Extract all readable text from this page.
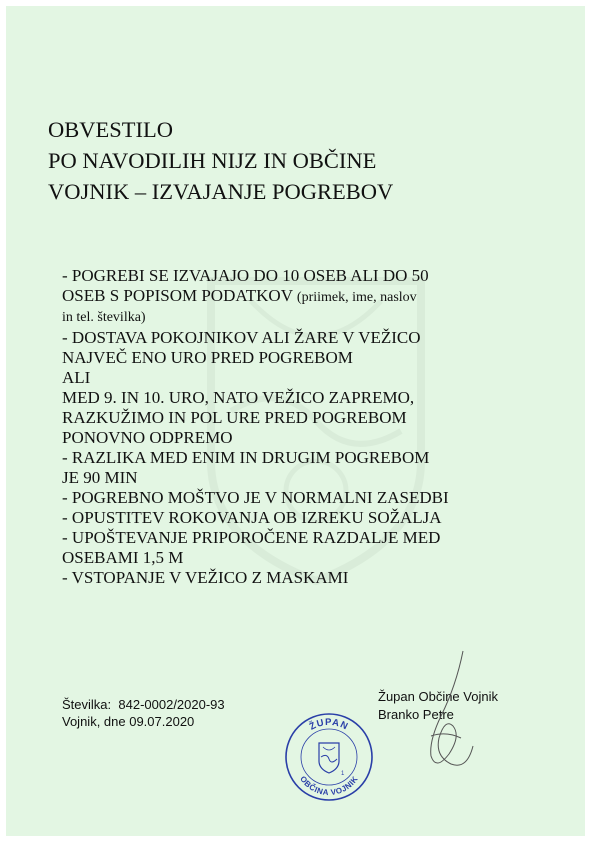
OBVESTILO
PO NAVODILIH NIJZ IN OBČINE
VOJNIK – IZVAJANJE POGREBOV
- POGREBI SE IZVAJAJO DO 10 OSEB ALI DO 50
OSEB S POPISOM PODATKOV (priimek, ime, naslov
in tel. številka)
- DOSTAVA POKOJNIKOV ALI ŽARE V VEŽICO
NAJVEČ ENO URO PRED POGREBOM
ALI
MED 9. IN 10. URO, NATO VEŽICO ZAPREMO,
RAZKUŽIMO IN POL URE PRED POGREBOM
PONOVNO ODPREMO
- RAZLIKA MED ENIM IN DRUGIM POGREBOM
JE 90 MIN
- POGREBNO MOŠTVO JE V NORMALNI ZASEDBI
- OPUSTITEV ROKOVANJA OB IZREKU SOŽALJA
- UPOŠTEVANJE PRIPOROČENE RAZDALJE MED
OSEBAMI 1,5 M
- VSTOPANJE V VEŽICO Z MASKAMI
Številka: 842-0002/2020-93
Vojnik, dne 09.07.2020
Župan Občine Vojnik
Branko Petre
ŽUPAN
OBČINA VOJNIK
1
